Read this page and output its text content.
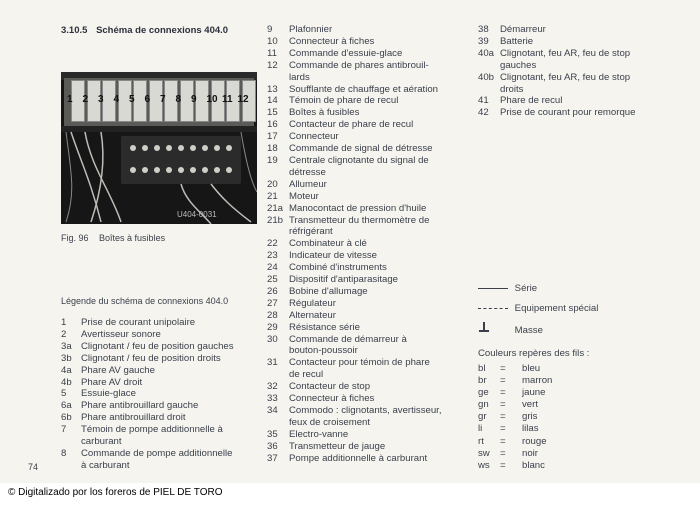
3.10.5 Schéma de connexions 404.0
1 2 3 4 5 6 7 8 9 10 11 12
U404-0031
Fig. 96 Boîtes à fusibles
Légende du schéma de connexions 404.0
1 Prise de courant unipolaire
2 Avertisseur sonore
3a Clignotant / feu de position gauches
3b Clignotant / feu de position droits
4a Phare AV gauche
4b Phare AV droit
5 Essuie-glace
6a Phare antibrouillard gauche
6b Phare antibrouillard droit
7 Témoin de pompe additionnelle à
carburant
8 Commande de pompe additionnelle
à carburant
9 Plafonnier
10 Connecteur à fiches
11 Commande d'essuie-glace
12 Commande de phares antibrouil-
lards
13 Soufflante de chauffage et aération
14 Témoin de phare de recul
15 Boîtes à fusibles
16 Contacteur de phare de recul
17 Connecteur
18 Commande de signal de détresse
19 Centrale clignotante du signal de
détresse
20 Allumeur
21 Moteur
21a Manocontact de pression d'huile
21b Transmetteur du thermomètre de
réfrigérant
22 Combinateur à clé
23 Indicateur de vitesse
24 Combiné d'instruments
25 Dispositif d'antiparasitage
26 Bobine d'allumage
27 Régulateur
28 Alternateur
29 Résistance série
30 Commande de démarreur à
bouton-poussoir
31 Contacteur pour témoin de phare
de recul
32 Contacteur de stop
33 Connecteur à fiches
34 Commodo : clignotants, avertisseur,
feux de croisement
35 Electro-vanne
36 Transmetteur de jauge
37 Pompe additionnelle à carburant
38 Démarreur
39 Batterie
40a Clignotant, feu AR, feu de stop
gauches
40b Clignotant, feu AR, feu de stop
droits
41 Phare de recul
42 Prise de courant pour remorque
Série
Equipement spécial
Masse
Couleurs repères des fils :
bl = bleu
br = marron
ge = jaune
gn = vert
gr = gris
li = lilas
rt = rouge
sw = noir
ws = blanc
74
© Digitalizado por los foreros de PIEL DE TORO
